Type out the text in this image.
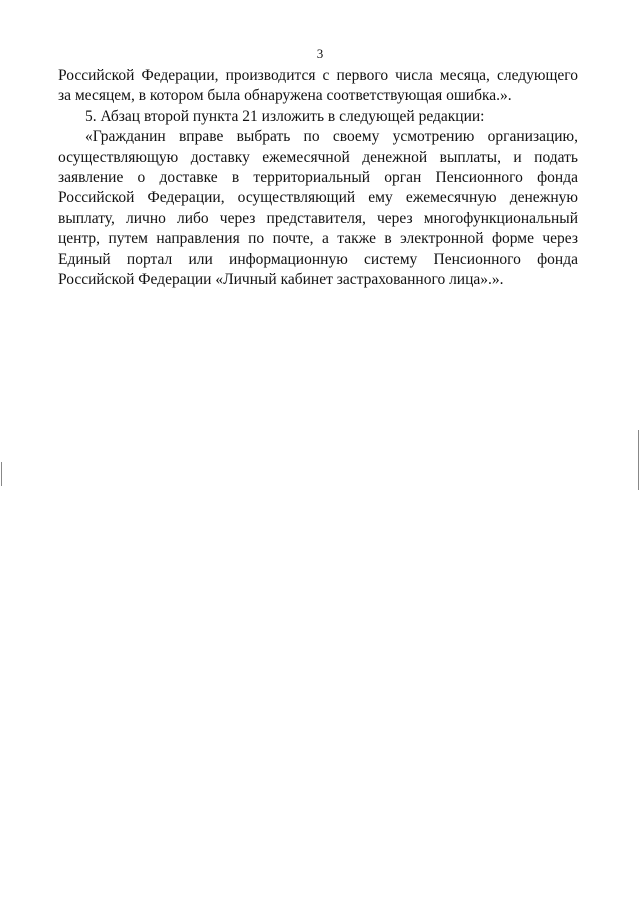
3

Российской Федерации, производится с первого числа месяца, следующего

за месяцем, в котором была обнаружена соответствующая ошибка.».

5. Абзац второй пункта 21 изложить в следующей редакции:

«Гражданин вправе выбрать по своему усмотрению организацию, осуществляющую доставку ежемесячной денежной выплаты, и подать заявление о доставке в территориальный орган Пенсионного фонда Российской Федерации, осуществляющий ему ежемесячную денежную выплату, лично либо через представителя, через многофункциональный центр, путем направления по почте, а также в электронной форме через Единый портал или информационную систему Пенсионного фонда Российской Федерации «Личный кабинет застрахованного лица».».
